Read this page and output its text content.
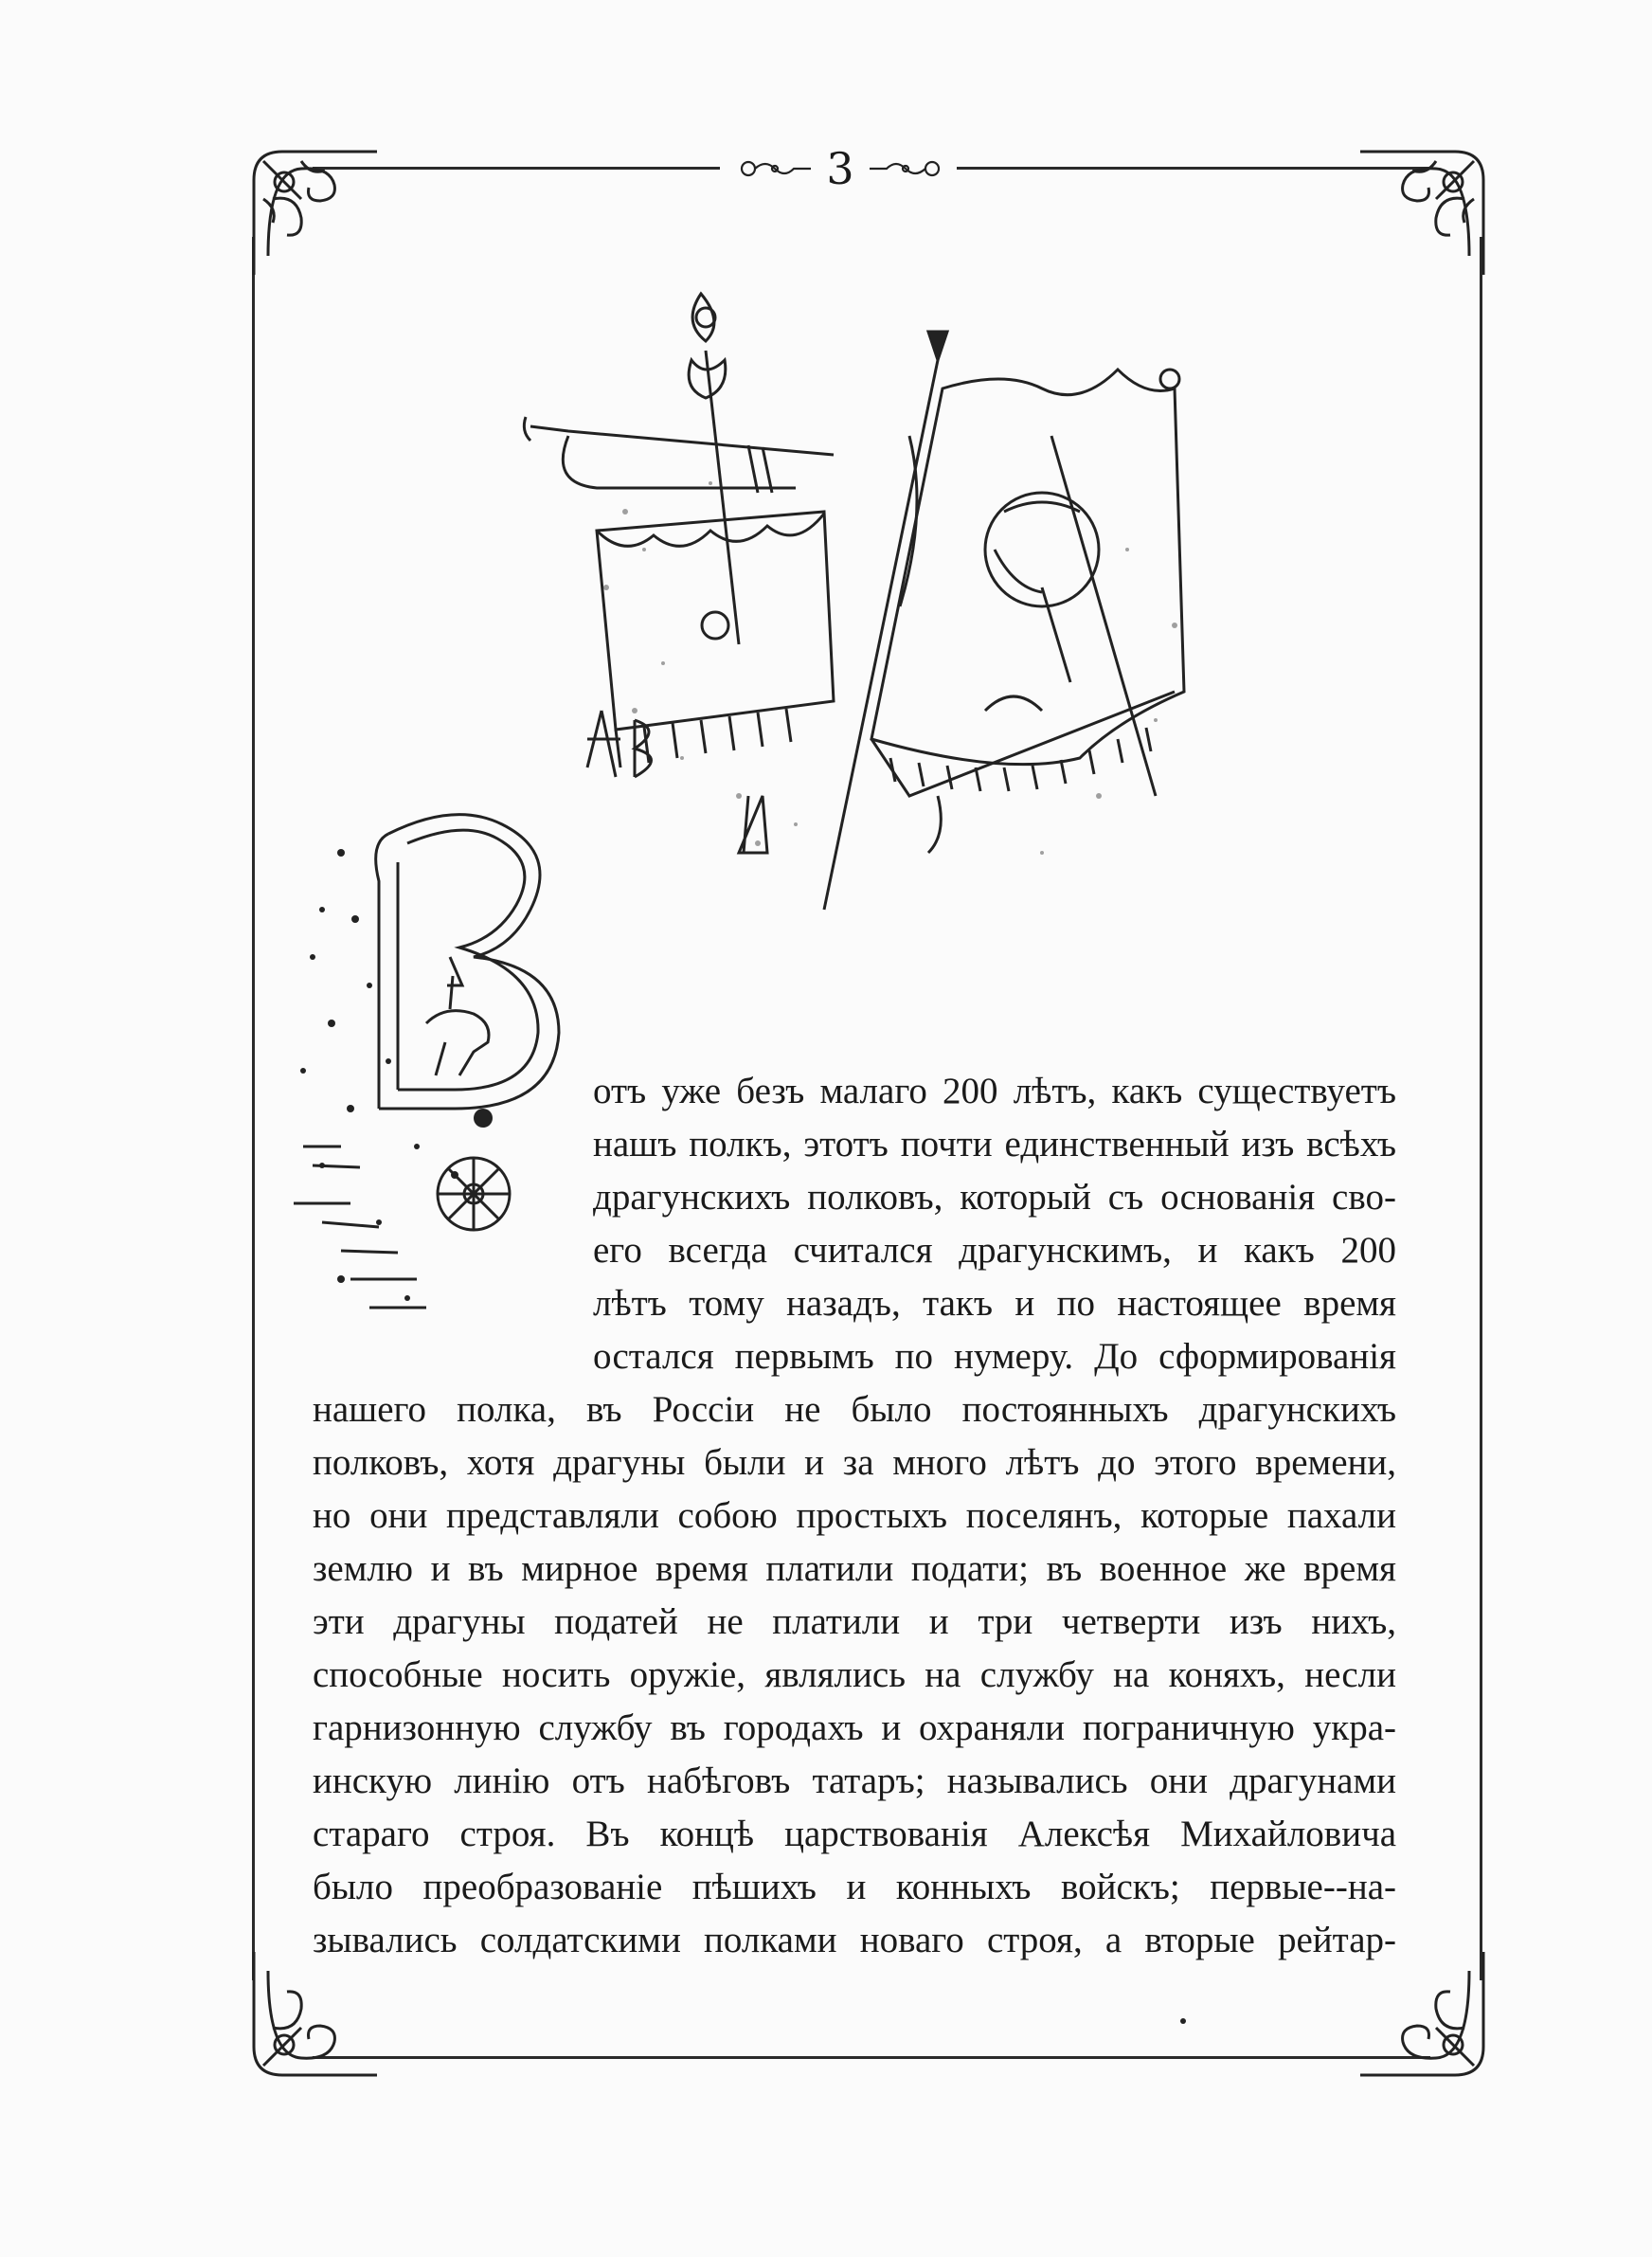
3
отъ уже безъ малаго 200 лѣтъ, какъ существуетъ
нашъ полкъ, этотъ почти единственный изъ всѣхъ
драгунскихъ полковъ, который съ основанія сво-
его всегда считался драгунскимъ, и какъ 200
лѣтъ тому назадъ, такъ и по настоящее время
остался первымъ по нумеру. До сформированія
нашего полка, въ Россіи не было постоянныхъ драгунскихъ
полковъ, хотя драгуны были и за много лѣтъ до этого времени,
но они представляли собою простыхъ поселянъ, которые пахали
землю и въ мирное время платили подати; въ военное же время
эти драгуны податей не платили и три четверти изъ нихъ,
способные носить оружіе, являлись на службу на коняхъ, несли
гарнизонную службу въ городахъ и охраняли пограничную укра-
инскую линію отъ набѣговъ татаръ; назывались они драгунами
стараго строя. Въ концѣ царствованія Алексѣя Михайловича
было преобразованіе пѣшихъ и конныхъ войскъ; первые--на-
зывались солдатскими полками новаго строя, а вторые рейтар-
